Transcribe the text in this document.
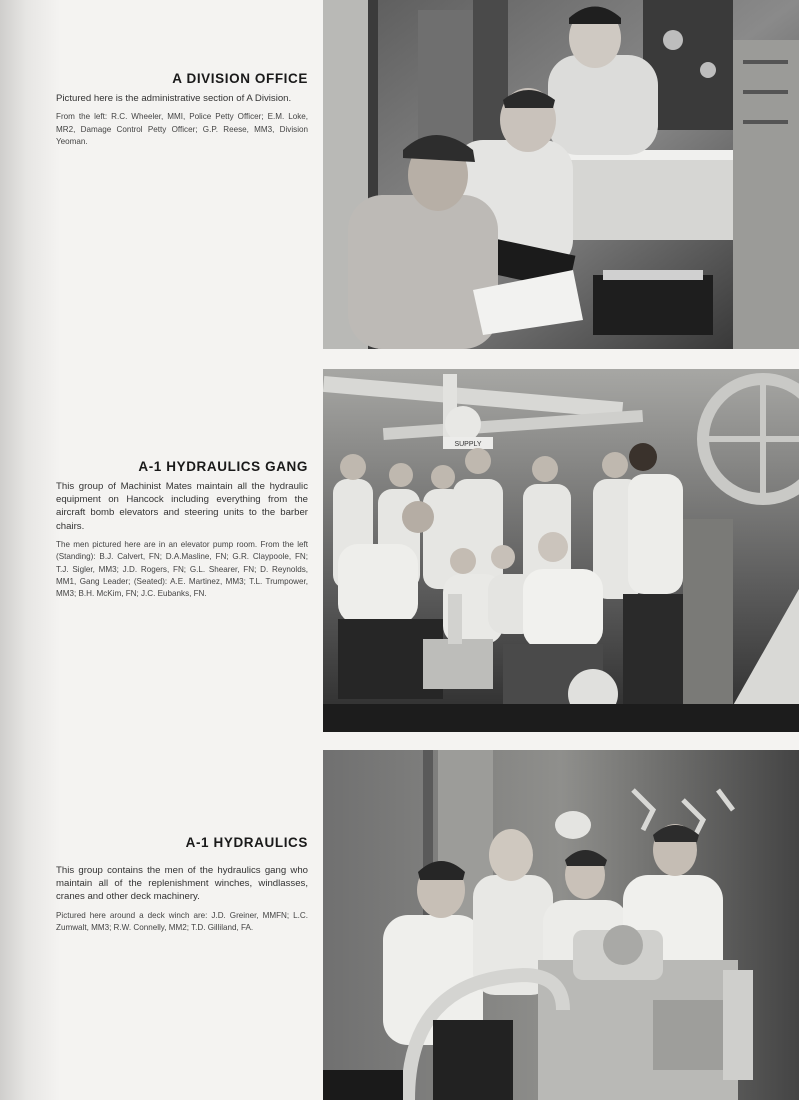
A DIVISION OFFICE

Pictured here is the administrative section of A Division.

From the left: R.C. Wheeler, MMI, Police Petty Officer; E.M. Loke, MR2, Damage Control Petty Officer; G.P. Reese, MM3, Division Yeoman.

A-1 HYDRAULICS GANG

This group of Machinist Mates maintain all the hydraulic equipment on Hancock including everything from the aircraft bomb elevators and steering units to the barber chairs.

The men pictured here are in an elevator pump room. From the left (Standing): B.J. Calvert, FN; D.A.Masline, FN; G.R. Claypoole, FN; T.J. Sigler, MM3; J.D. Rogers, FN; G.L. Shearer, FN; D. Reynolds, MM1, Gang Leader; (Seated): A.E. Martinez, MM3; T.L. Trumpower, MM3; B.H. McKim, FN; J.C. Eubanks, FN.

A-1 HYDRAULICS

This group contains the men of the hydraulics gang who maintain all of the replenishment winches, windlasses, cranes and other deck machinery.

Pictured here around a deck winch are: J.D. Greiner, MMFN; L.C. Zumwalt, MM3; R.W. Connelly, MM2; T.D. Gilliland, FA.

SUPPLY
